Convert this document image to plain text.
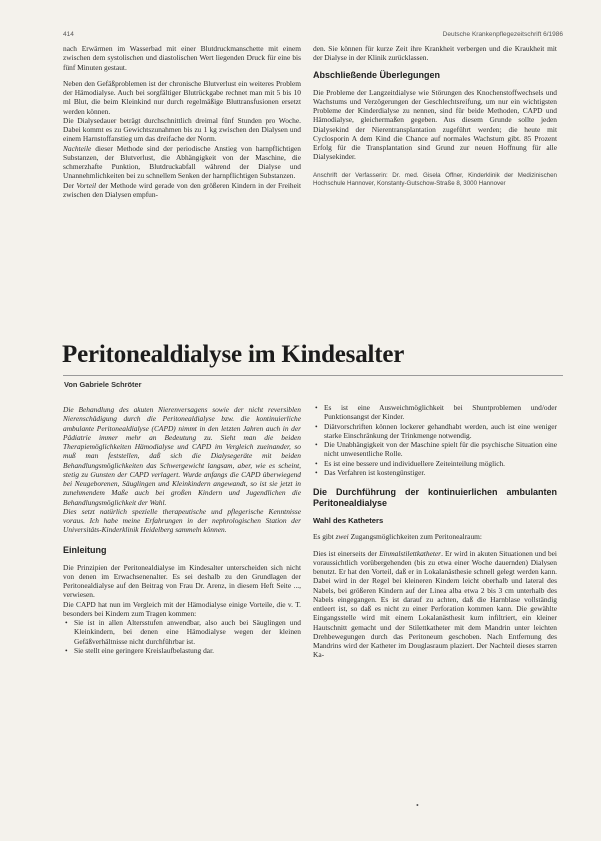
414	Deutsche Krankenpflegezeitschrift 6/1986

nach Erwärmen im Wasserbad mit einer Blutdruckmanschette mit einem zwischen dem systolischen und diastolischen Wert liegenden Druck für eine bis fünf Minuten gestaut.

Neben den Gefäßproblemen ist der chronische Blutverlust ein weiteres Problem der Hämodialyse. Auch bei sorgfältiger Blutrückgabe rechnet man mit 5 bis 10 ml Blut, die beim Kleinkind nur durch regelmäßige Bluttransfusionen ersetzt werden können.

Die Dialysedauer beträgt durchschnittlich dreimal fünf Stunden pro Woche. Dabei kommt es zu Gewichtszunahmen bis zu 1 kg zwischen den Dialysen und einem Harnstoffanstieg um das dreifache der Norm.

Nachteile dieser Methode sind der periodische Anstieg von harnpflichtigen Substanzen, der Blutverlust, die Abhängigkeit von der Maschine, die schmerzhafte Punktion, Blutdruckabfall während der Dialyse und Unannehmlichkeiten bei zu schnellem Senken der harnpflichtigen Substanzen.

Der Vorteil der Methode wird gerade von den größeren Kindern in der Freiheit zwischen den Dialysen empfun-

den. Sie können für kurze Zeit ihre Krankheit verbergen und die Kraukheit mit der Dialyse in der Klinik zurücklassen.

Abschließende Überlegungen

Die Probleme der Langzeitdialyse wie Störungen des Knochenstoffwechsels und Wachstums und Verzögerungen der Geschlechtsreifung, um nur ein wichtigsten Probleme der Kinderdialyse zu nennen, sind für beide Methoden, CAPD und Hämodialyse, gleichermaßen gegeben. Aus diesem Grunde sollte jeden Dialysekind der Nierentransplantation zugeführt werden; die heute mit Cyclosporin A dem Kind die Chance auf normales Wachstum gibt. 85 Prozent Erfolg für die Transplantation sind Grund zur neuen Hoffnung für alle Dialysekinder.

Anschrift der Verfasserin: Dr. med. Gisela Offner, Kinderklinik der Medizinischen Hochschule Hannover, Konstanty-Gutschow-Straße 8, 3000 Hannover

Peritonealdialyse im Kindesalter
Von Gabriele Schröter

Die Behandlung des akuten Nierenversagens sowie der nicht reversiblen Nierenschädigung durch die Peritonealdialyse bzw. die kontinuierliche ambulante Peritonealdialyse (CAPD) nimmt in den letzten Jahren auch in der Pädiatrie immer mehr an Bedeutung zu. Sieht man die beiden Therapiemöglichkeiten Hämodialyse und CAPD im Vergleich zueinander, so muß man feststellen, daß sich die Dialysegeräte mit beiden Behandlungsmöglichkeiten das Schwergewicht langsam, aber, wie es scheint, stetig zu Gunsten der CAPD verlagert. Wurde anfangs die CAPD überwiegend bei Neugeborenen, Säuglingen und Kleinkindern angewandt, so ist sie jetzt in zunehmendem Maße auch bei großen Kindern und Jugendlichen die Behandlungsmöglichkeit der Wahl.

Dies setzt natürlich spezielle therapeutische und pflegerische Kenntnisse voraus. Ich habe meine Erfahrungen in der nephrologischen Station der Universitäts-Kinderklinik Heidelberg sammeln können.

Einleitung

Die Prinzipien der Peritonealdialyse im Kindesalter unterscheiden sich nicht von denen im Erwachsenenalter. Es sei deshalb zu den Grundlagen der Peritonealdialyse auf den Beitrag von Frau Dr. Arenz, in diesem Heft Seite ..., verwiesen.

Die CAPD hat nun im Vergleich mit der Hämodialyse einige Vorteile, die v. T. besonders bei Kindern zum Tragen kommen:

• Sie ist in allen Altersstufen anwendbar, also auch bei Säuglingen und Kleinkindern, bei denen eine Hämodialyse wegen der kleinen Gefäßverhältnisse nicht durchführbar ist.
• Sie stellt eine geringere Kreislaufbelastung dar.
• Es ist eine Ausweichmöglichkeit bei Shuntproblemen und/oder Punktionsangst der Kinder.
• Diätvorschriften können lockerer gehandhabt werden, auch ist eine weniger starke Einschränkung der Trinkmenge notwendig.
• Die Unabhängigkeit von der Maschine spielt für die psychische Situation eine nicht unwesentliche Rolle.
• Es ist eine bessere und individuellere Zeiteinteilung möglich.
• Das Verfahren ist kostengünstiger.

Die Durchführung der kontinuierlichen ambulanten Peritonealdialyse

Wahl des Katheters

Es gibt zwei Zugangsmöglichkeiten zum Peritonealraum:

Dies ist einerseits der Einmalstilettkatheter. Er wird in akuten Situationen und bei voraussichtlich vorübergehenden (bis zu etwa einer Woche dauernden) Dialysen benutzt. Er hat den Vorteil, daß er in Lokalanästhesie schnell gelegt werden kann. Dabei wird in der Regel bei kleineren Kindern leicht oberhalb und lateral des Nabels, bei größeren Kindern auf der Linea alba etwa 2 bis 3 cm unterhalb des Nabels eingegangen. Es ist darauf zu achten, daß die Harnblase vollständig entleert ist, so daß es nicht zu einer Perforation kommen kann. Die gewählte Eingangsstelle wird mit einem Lokalanästhesit kum infiltriert, ein kleiner Hautschnitt gemacht und der Stilettkatheter mit dem Mandrin unter leichten Drehbewegungen durch das Peritoneum geschoben. Nach Entfernung des Mandrins wird der Katheter im Douglasraum plaziert. Der Nachteil dieses starren Ka-

•
